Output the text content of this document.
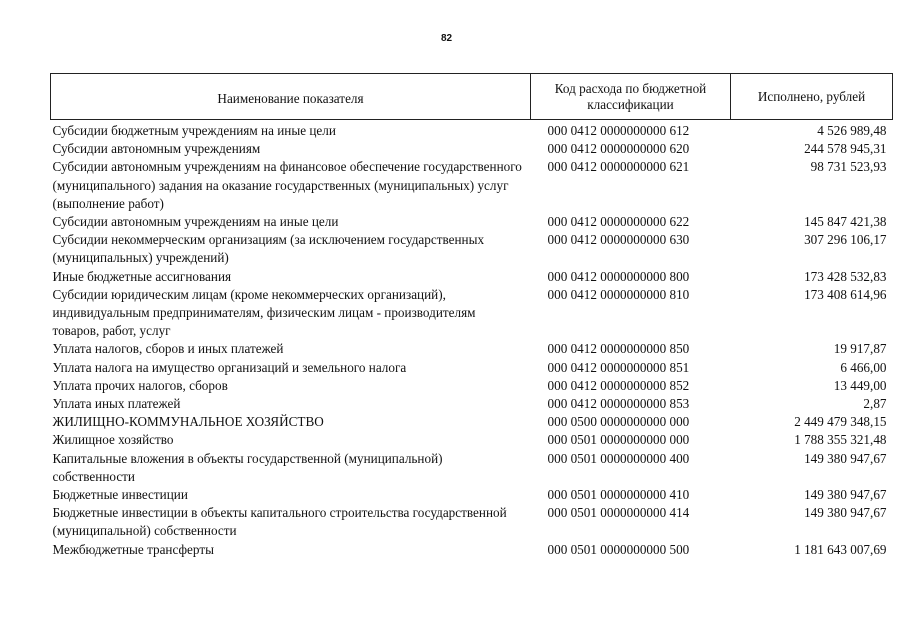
82
Наименование показателя	Код расхода по бюджетной классификации	Исполнено, рублей
Субсидии бюджетным учреждениям на иные цели	000 0412 0000000000 612	4 526 989,48
Субсидии автономным учреждениям	000 0412 0000000000 620	244 578 945,31
Субсидии автономным учреждениям на финансовое обеспечение государственного (муниципального) задания на оказание государственных (муниципальных) услуг (выполнение работ)	000 0412 0000000000 621	98 731 523,93
Субсидии автономным учреждениям на иные цели	000 0412 0000000000 622	145 847 421,38
Субсидии некоммерческим организациям (за исключением государственных (муниципальных) учреждений)	000 0412 0000000000 630	307 296 106,17
Иные бюджетные ассигнования	000 0412 0000000000 800	173 428 532,83
Субсидии юридическим лицам (кроме некоммерческих организаций), индивидуальным предпринимателям, физическим лицам - производителям товаров, работ, услуг	000 0412 0000000000 810	173 408 614,96
Уплата налогов, сборов и иных платежей	000 0412 0000000000 850	19 917,87
Уплата налога на имущество организаций и земельного налога	000 0412 0000000000 851	6 466,00
Уплата прочих налогов, сборов	000 0412 0000000000 852	13 449,00
Уплата иных платежей	000 0412 0000000000 853	2,87
ЖИЛИЩНО-КОММУНАЛЬНОЕ ХОЗЯЙСТВО	000 0500 0000000000 000	2 449 479 348,15
Жилищное хозяйство	000 0501 0000000000 000	1 788 355 321,48
Капитальные вложения в объекты государственной (муниципальной) собственности	000 0501 0000000000 400	149 380 947,67
Бюджетные инвестиции	000 0501 0000000000 410	149 380 947,67
Бюджетные инвестиции в объекты капитального строительства государственной (муниципальной) собственности	000 0501 0000000000 414	149 380 947,67
Межбюджетные трансферты	000 0501 0000000000 500	1 181 643 007,69
